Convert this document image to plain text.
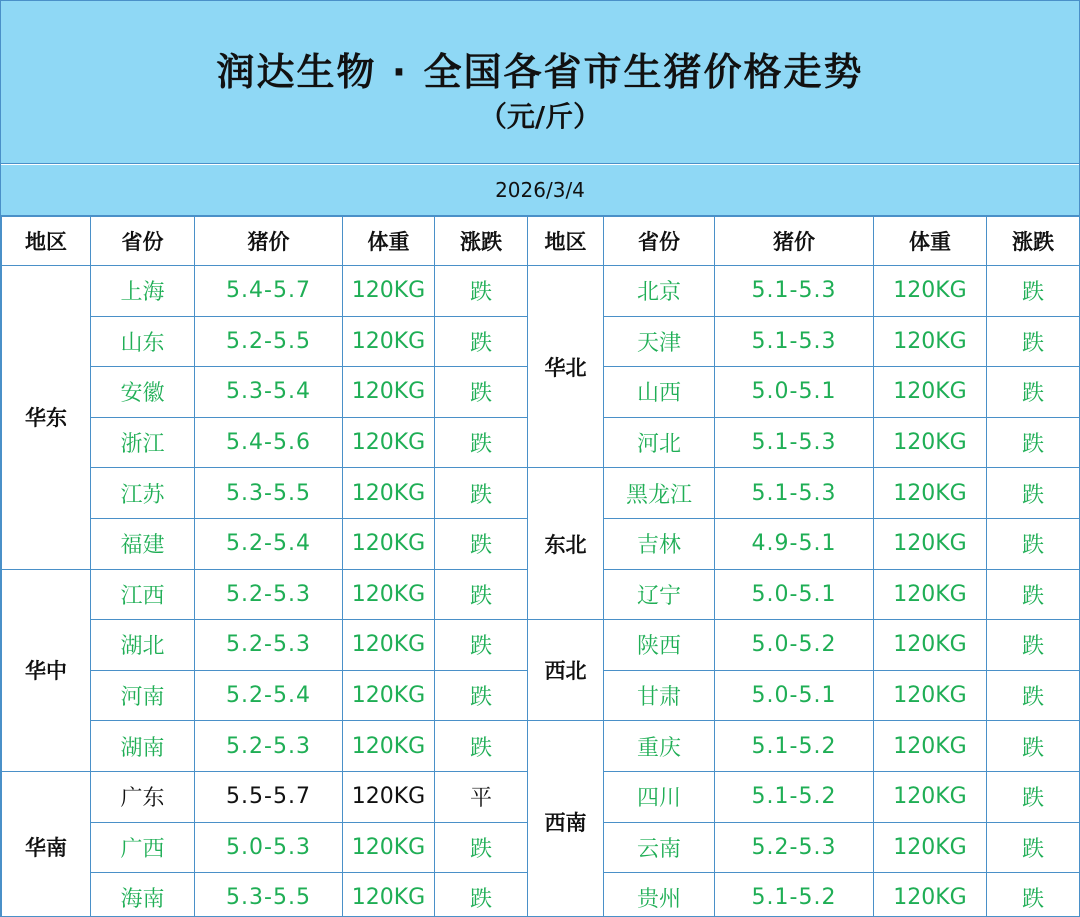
润达生物 · 全国各省市生猪价格走势
（元/斤）
2026/3/4
地区	省份	猪价	体重	涨跌	地区	省份	猪价	体重	涨跌
华东	上海	5.4-5.7	120KG	跌	华北	北京	5.1-5.3	120KG	跌
	山东	5.2-5.5	120KG	跌		天津	5.1-5.3	120KG	跌
	安徽	5.3-5.4	120KG	跌		山西	5.0-5.1	120KG	跌
	浙江	5.4-5.6	120KG	跌		河北	5.1-5.3	120KG	跌
	江苏	5.3-5.5	120KG	跌	东北	黑龙江	5.1-5.3	120KG	跌
	福建	5.2-5.4	120KG	跌		吉林	4.9-5.1	120KG	跌
华中	江西	5.2-5.3	120KG	跌		辽宁	5.0-5.1	120KG	跌
	湖北	5.2-5.3	120KG	跌	西北	陕西	5.0-5.2	120KG	跌
	河南	5.2-5.4	120KG	跌		甘肃	5.0-5.1	120KG	跌
	湖南	5.2-5.3	120KG	跌	西南	重庆	5.1-5.2	120KG	跌
华南	广东	5.5-5.7	120KG	平		四川	5.1-5.2	120KG	跌
	广西	5.0-5.3	120KG	跌		云南	5.2-5.3	120KG	跌
	海南	5.3-5.5	120KG	跌		贵州	5.1-5.2	120KG	跌
